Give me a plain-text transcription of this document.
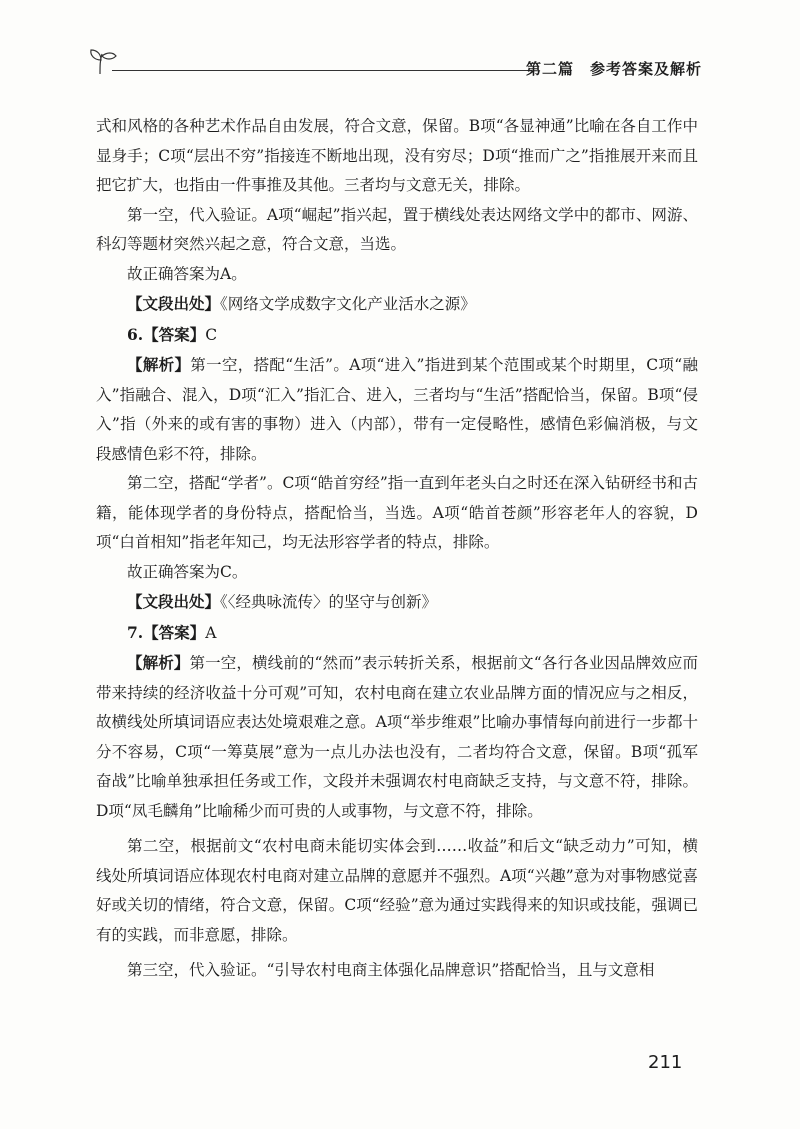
第二篇　参考答案及解析

式和风格的各种艺术作品自由发展，符合文意，保留。B项“各显神通”比喻在各自工作中显身手；C项“层出不穷”指接连不断地出现，没有穷尽；D项“推而广之”指推展开来而且把它扩大，也指由一件事推及其他。三者均与文意无关，排除。

第一空，代入验证。A项“崛起”指兴起，置于横线处表达网络文学中的都市、网游、科幻等题材突然兴起之意，符合文意，当选。

故正确答案为A。

【文段出处】《网络文学成数字文化产业活水之源》

6.【答案】C

【解析】第一空，搭配“生活”。A项“进入”指进到某个范围或某个时期里，C项“融入”指融合、混入，D项“汇入”指汇合、进入，三者均与“生活”搭配恰当，保留。B项“侵入”指（外来的或有害的事物）进入（内部），带有一定侵略性，感情色彩偏消极，与文段感情色彩不符，排除。

第二空，搭配“学者”。C项“皓首穷经”指一直到年老头白之时还在深入钻研经书和古籍，能体现学者的身份特点，搭配恰当，当选。A项“皓首苍颜”形容老年人的容貌，D项“白首相知”指老年知己，均无法形容学者的特点，排除。

故正确答案为C。

【文段出处】《〈经典咏流传〉的坚守与创新》

7.【答案】A

【解析】第一空，横线前的“然而”表示转折关系，根据前文“各行各业因品牌效应而带来持续的经济收益十分可观”可知，农村电商在建立农业品牌方面的情况应与之相反，故横线处所填词语应表达处境艰难之意。A项“举步维艰”比喻办事情每向前进行一步都十分不容易，C项“一筹莫展”意为一点儿办法也没有，二者均符合文意，保留。B项“孤军奋战”比喻单独承担任务或工作，文段并未强调农村电商缺乏支持，与文意不符，排除。D项“凤毛麟角”比喻稀少而可贵的人或事物，与文意不符，排除。

第二空，根据前文“农村电商未能切实体会到……收益”和后文“缺乏动力”可知，横线处所填词语应体现农村电商对建立品牌的意愿并不强烈。A项“兴趣”意为对事物感觉喜好或关切的情绪，符合文意，保留。C项“经验”意为通过实践得来的知识或技能，强调已有的实践，而非意愿，排除。

第三空，代入验证。“引导农村电商主体强化品牌意识”搭配恰当，且与文意相

211
